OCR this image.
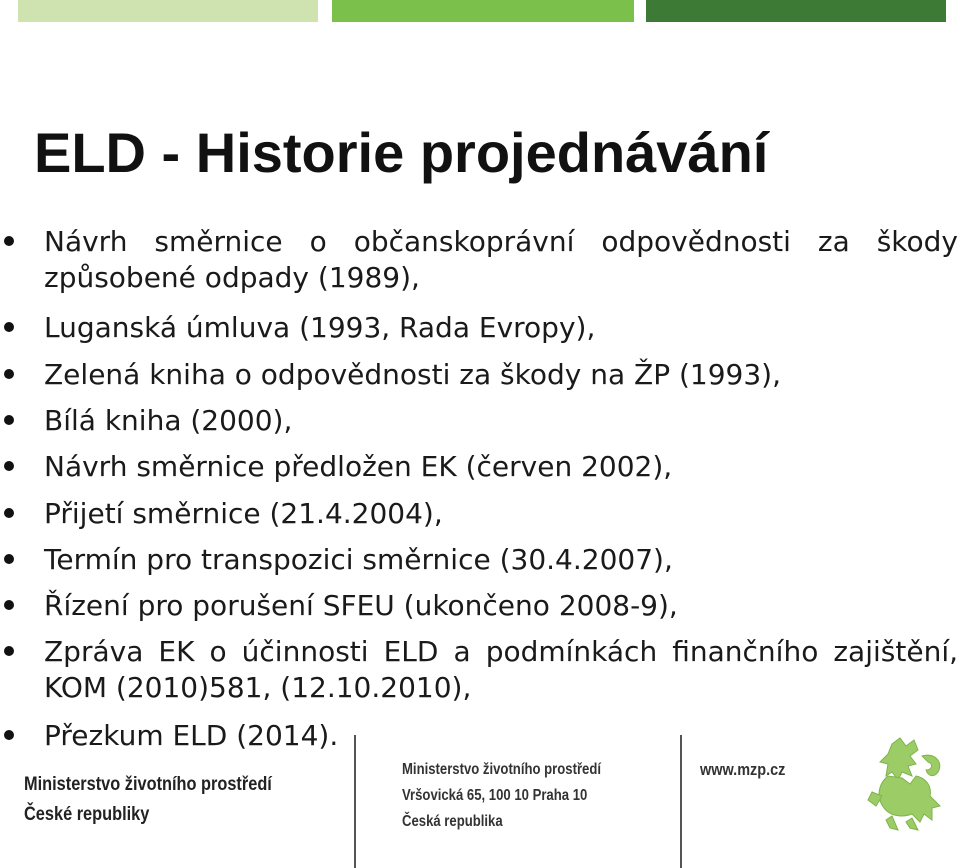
ELD - Historie projednávání
Návrh směrnice o občanskoprávní odpovědnosti za škody způsobené odpady (1989),
Luganská úmluva (1993, Rada Evropy),
Zelená kniha o odpovědnosti za škody na ŽP (1993),
Bílá kniha (2000),
Návrh směrnice předložen EK (červen 2002),
Přijetí směrnice (21.4.2004),
Termín pro transpozici směrnice (30.4.2007),
Řízení pro porušení SFEU (ukončeno 2008-9),
Zpráva EK o účinnosti ELD a podmínkách finančního zajištění, KOM (2010)581, (12.10.2010),
Přezkum ELD (2014).
Ministerstvo životního prostředí
České republiky
Ministerstvo životního prostředí
Vršovická 65, 100 10 Praha 10
Česká republika
www.mzp.cz
